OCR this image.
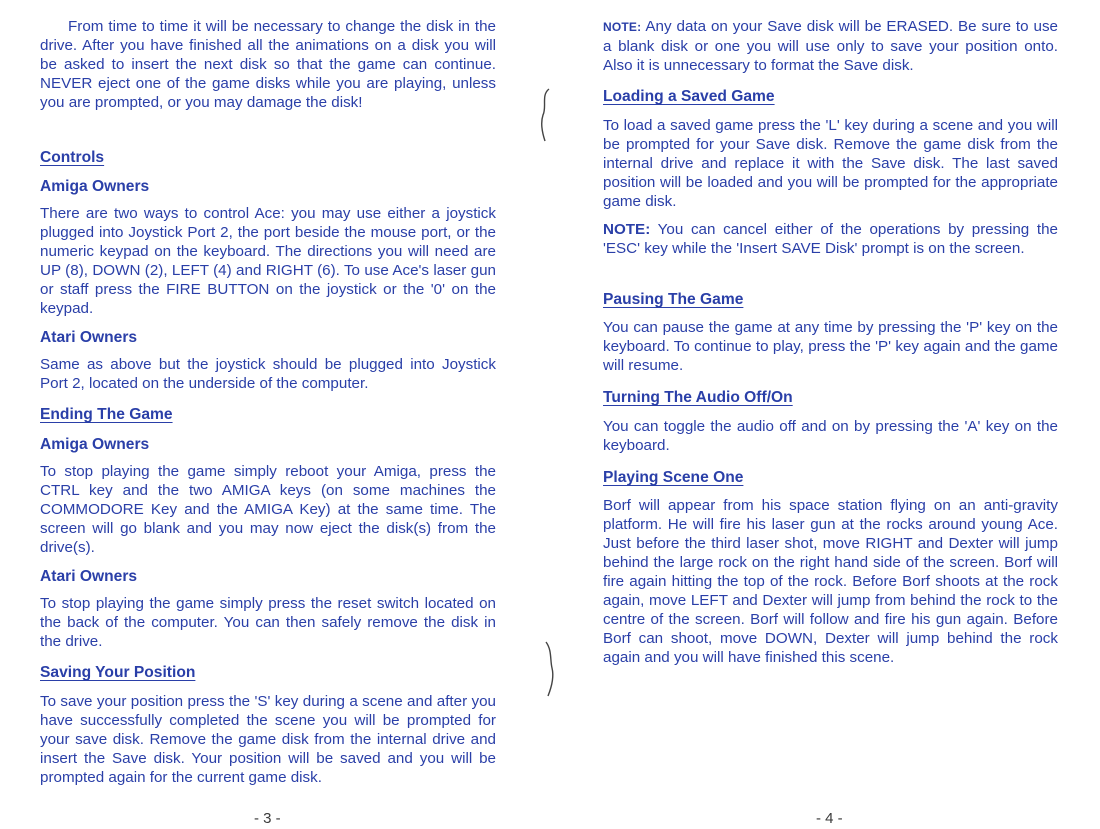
From time to time it will be necessary to change the disk in the drive. After you have finished all the animations on a disk you will be asked to insert the next disk so that the game can continue. NEVER eject one of the game disks while you are playing, unless you are prompted, or you may damage the disk!

Controls
Amiga Owners

There are two ways to control Ace: you may use either a joystick plugged into Joystick Port 2, the port beside the mouse port, or the numeric keypad on the keyboard. The directions you will need are UP (8), DOWN (2), LEFT (4) and RIGHT (6). To use Ace's laser gun or staff press the FIRE BUTTON on the joystick or the '0' on the keypad.

Atari Owners

Same as above but the joystick should be plugged into Joystick Port 2, located on the underside of the computer.

Ending The Game
Amiga Owners

To stop playing the game simply reboot your Amiga, press the CTRL key and the two AMIGA keys (on some machines the COMMODORE Key and the AMIGA Key) at the same time. The screen will go blank and you may now eject the disk(s) from the drive(s).

Atari Owners

To stop playing the game simply press the reset switch located on the back of the computer. You can then safely remove the disk in the drive.

Saving Your Position

To save your position press the 'S' key during a scene and after you have successfully completed the scene you will be prompted for your save disk. Remove the game disk from the internal drive and insert the Save disk. Your position will be saved and you will be prompted again for the current game disk.

- 3 -

NOTE: Any data on your Save disk will be ERASED. Be sure to use a blank disk or one you will use only to save your position onto. Also it is unnecessary to format the Save disk.

Loading a Saved Game

To load a saved game press the 'L' key during a scene and you will be prompted for your Save disk. Remove the game disk from the internal drive and replace it with the Save disk. The last saved position will be loaded and you will be prompted for the appropriate game disk.

NOTE: You can cancel either of the operations by pressing the 'ESC' key while the 'Insert SAVE Disk' prompt is on the screen.

Pausing The Game

You can pause the game at any time by pressing the 'P' key on the keyboard. To continue to play, press the 'P' key again and the game will resume.

Turning The Audio Off/On

You can toggle the audio off and on by pressing the 'A' key on the keyboard.

Playing Scene One

Borf will appear from his space station flying on an anti-gravity platform. He will fire his laser gun at the rocks around young Ace. Just before the third laser shot, move RIGHT and Dexter will jump behind the large rock on the right hand side of the screen. Borf will fire again hitting the top of the rock. Before Borf shoots at the rock again, move LEFT and Dexter will jump from behind the rock to the centre of the screen. Borf will follow and fire his gun again. Before Borf can shoot, move DOWN, Dexter will jump behind the rock again and you will have finished this scene.

- 4 -
